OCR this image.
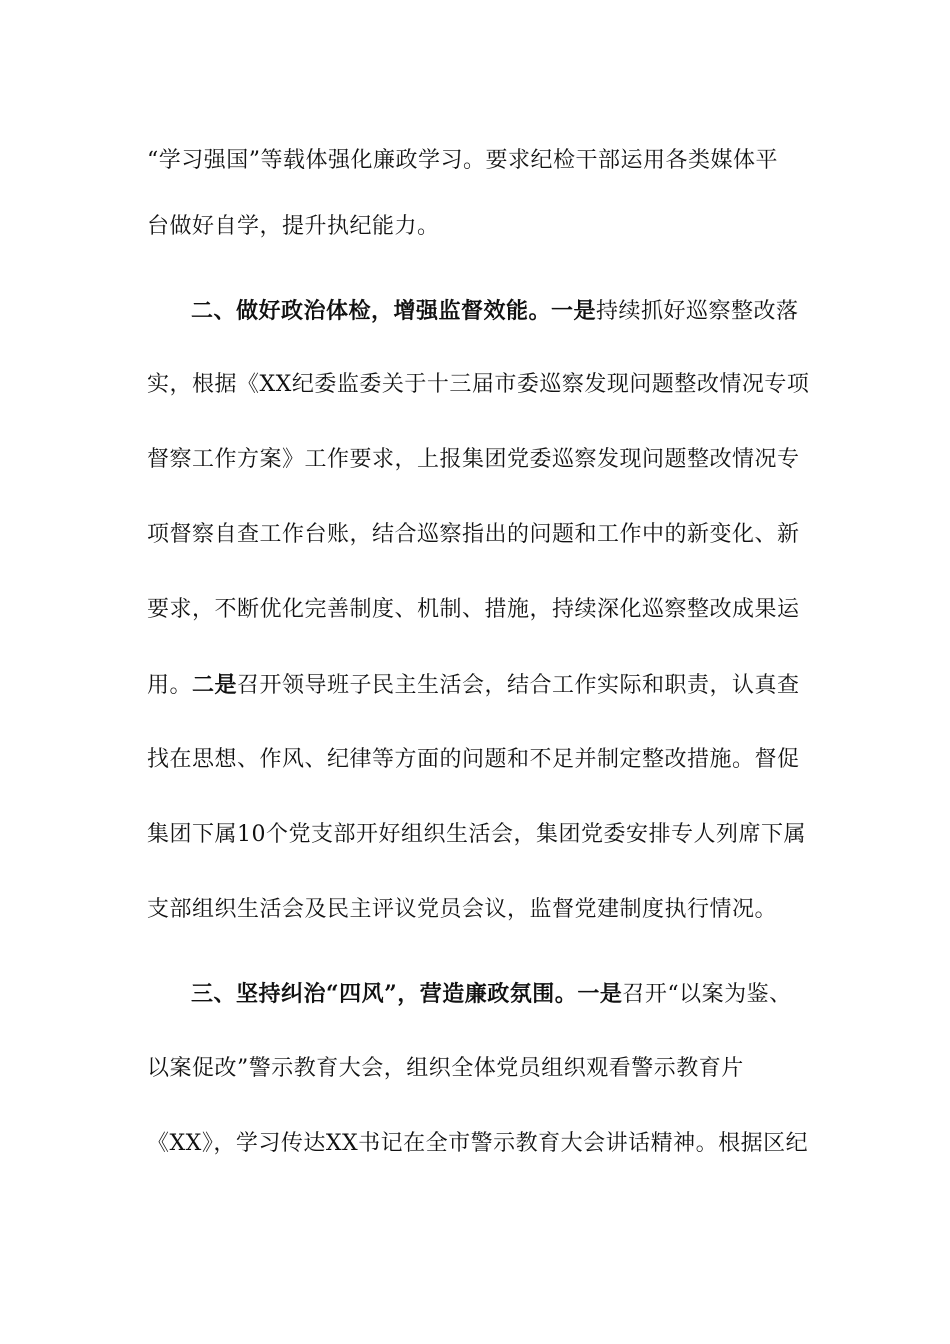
“学习强国”等载体强化廉政学习。要求纪检干部运用各类媒体平
台做好自学，提升执纪能力。
二、做好政治体检，增强监督效能。一是持续抓好巡察整改落
实，根据《XX纪委监委关于十三届市委巡察发现问题整改情况专项
督察工作方案》工作要求，上报集团党委巡察发现问题整改情况专
项督察自查工作台账，结合巡察指出的问题和工作中的新变化、新
要求，不断优化完善制度、机制、措施，持续深化巡察整改成果运
用。二是召开领导班子民主生活会，结合工作实际和职责，认真查
找在思想、作风、纪律等方面的问题和不足并制定整改措施。督促
集团下属10个党支部开好组织生活会，集团党委安排专人列席下属
支部组织生活会及民主评议党员会议，监督党建制度执行情况。
三、坚持纠治“四风”，营造廉政氛围。一是召开“以案为鉴、
以案促改”警示教育大会，组织全体党员组织观看警示教育片
《XX》，学习传达XX书记在全市警示教育大会讲话精神。根据区纪
